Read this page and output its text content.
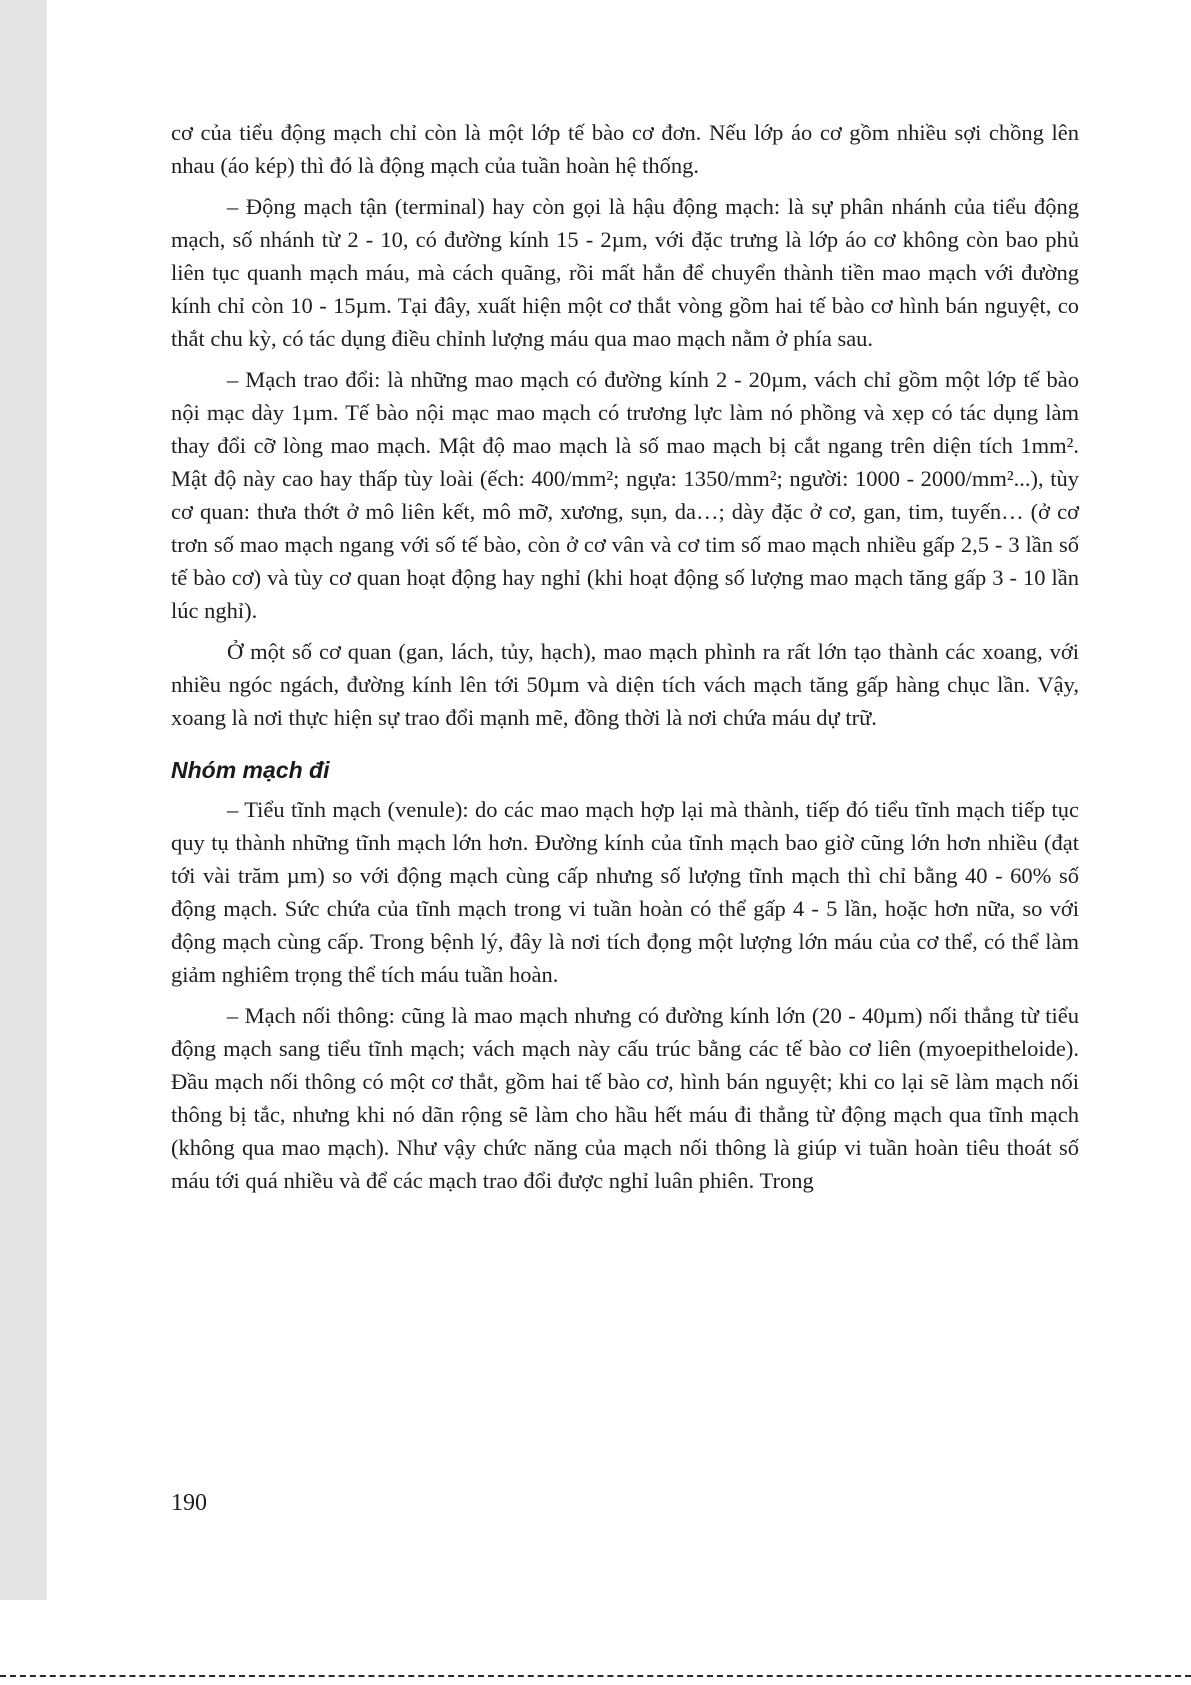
cơ của tiểu động mạch chỉ còn là một lớp tế bào cơ đơn. Nếu lớp áo cơ gồm nhiều sợi chồng lên nhau (áo kép) thì đó là động mạch của tuần hoàn hệ thống.

– Động mạch tận (terminal) hay còn gọi là hậu động mạch: là sự phân nhánh của tiểu động mạch, số nhánh từ 2 - 10, có đường kính 15 - 2µm, với đặc trưng là lớp áo cơ không còn bao phủ liên tục quanh mạch máu, mà cách quãng, rồi mất hẳn để chuyển thành tiền mao mạch với đường kính chỉ còn 10 - 15µm. Tại đây, xuất hiện một cơ thắt vòng gồm hai tế bào cơ hình bán nguyệt, co thắt chu kỳ, có tác dụng điều chỉnh lượng máu qua mao mạch nằm ở phía sau.

– Mạch trao đổi: là những mao mạch có đường kính 2 - 20µm, vách chỉ gồm một lớp tế bào nội mạc dày 1µm. Tế bào nội mạc mao mạch có trương lực làm nó phồng và xẹp có tác dụng làm thay đổi cỡ lòng mao mạch. Mật độ mao mạch là số mao mạch bị cắt ngang trên diện tích 1mm². Mật độ này cao hay thấp tùy loài (ếch: 400/mm²; ngựa: 1350/mm²; người: 1000 - 2000/mm²...), tùy cơ quan: thưa thớt ở mô liên kết, mô mỡ, xương, sụn, da…; dày đặc ở cơ, gan, tim, tuyến… (ở cơ trơn số mao mạch ngang với số tế bào, còn ở cơ vân và cơ tim số mao mạch nhiều gấp 2,5 - 3 lần số tế bào cơ) và tùy cơ quan hoạt động hay nghỉ (khi hoạt động số lượng mao mạch tăng gấp 3 - 10 lần lúc nghỉ).

Ở một số cơ quan (gan, lách, tủy, hạch), mao mạch phình ra rất lớn tạo thành các xoang, với nhiều ngóc ngách, đường kính lên tới 50µm và diện tích vách mạch tăng gấp hàng chục lần. Vậy, xoang là nơi thực hiện sự trao đổi mạnh mẽ, đồng thời là nơi chứa máu dự trữ.

Nhóm mạch đi

– Tiểu tĩnh mạch (venule): do các mao mạch hợp lại mà thành, tiếp đó tiểu tĩnh mạch tiếp tục quy tụ thành những tĩnh mạch lớn hơn. Đường kính của tĩnh mạch bao giờ cũng lớn hơn nhiều (đạt tới vài trăm µm) so với động mạch cùng cấp nhưng số lượng tĩnh mạch thì chỉ bằng 40 - 60% số động mạch. Sức chứa của tĩnh mạch trong vi tuần hoàn có thể gấp 4 - 5 lần, hoặc hơn nữa, so với động mạch cùng cấp. Trong bệnh lý, đây là nơi tích đọng một lượng lớn máu của cơ thể, có thể làm giảm nghiêm trọng thể tích máu tuần hoàn.

– Mạch nối thông: cũng là mao mạch nhưng có đường kính lớn (20 - 40µm) nối thẳng từ tiểu động mạch sang tiểu tĩnh mạch; vách mạch này cấu trúc bằng các tế bào cơ liên (myoepitheloide). Đầu mạch nối thông có một cơ thắt, gồm hai tế bào cơ, hình bán nguyệt; khi co lại sẽ làm mạch nối thông bị tắc, nhưng khi nó dãn rộng sẽ làm cho hầu hết máu đi thẳng từ động mạch qua tĩnh mạch (không qua mao mạch). Như vậy chức năng của mạch nối thông là giúp vi tuần hoàn tiêu thoát số máu tới quá nhiều và để các mạch trao đổi được nghỉ luân phiên. Trong

190
